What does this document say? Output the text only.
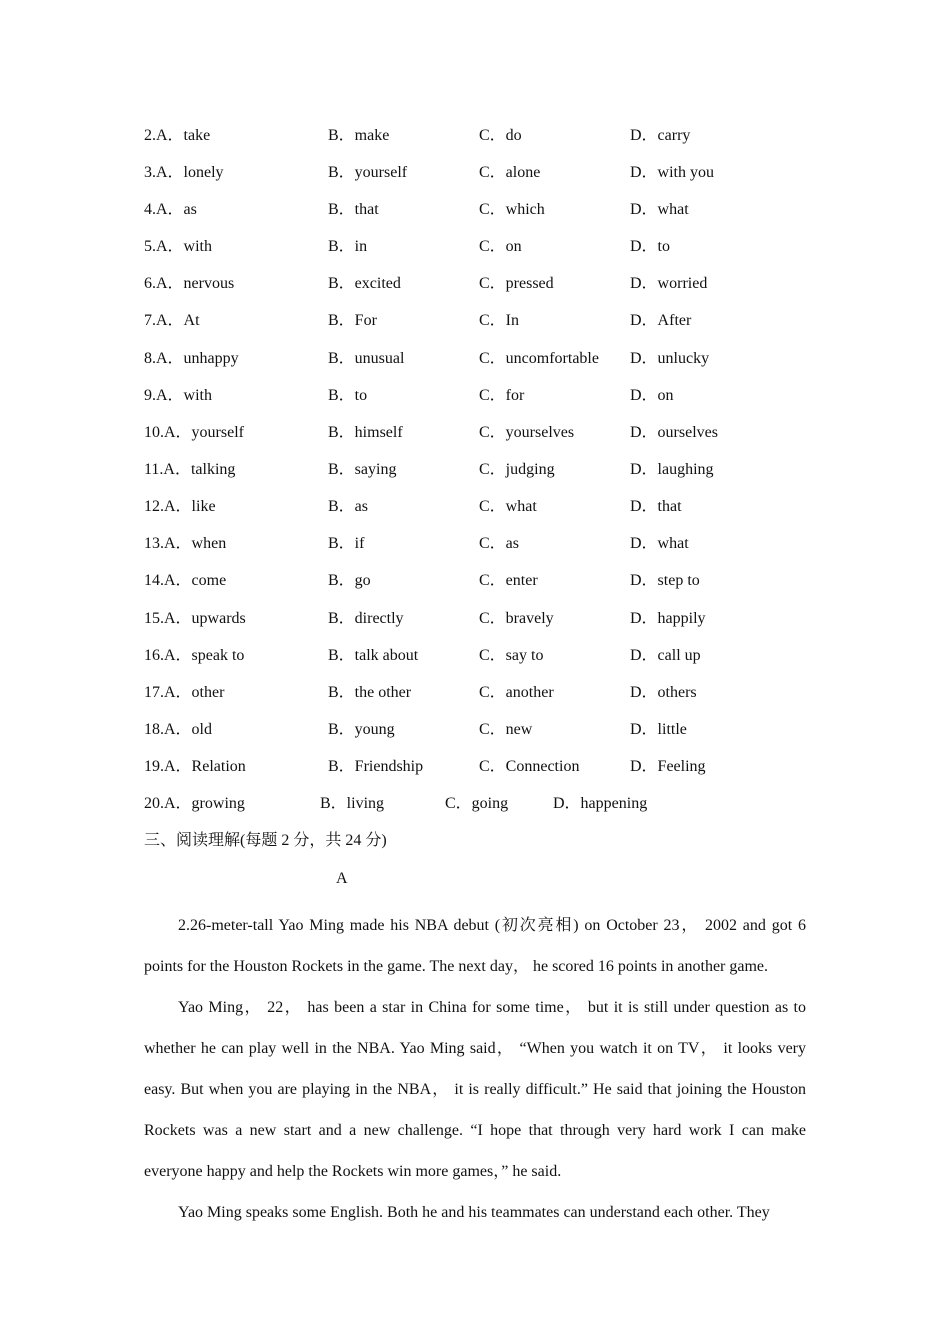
2.A．take	B．make	C．do	D．carry
3.A．lonely	B．yourself	C．alone	D．with you
4.A．as	B．that	C．which	D．what
5.A．with	B．in	C．on	D．to
6.A．nervous	B．excited	C．pressed	D．worried
7.A．At	B．For	C．In	D．After
8.A．unhappy	B．unusual	C．uncomfortable D．unlucky
9.A．with	B．to	C．for	D．on
10.A．yourself	B．himself	C．yourselves	D．ourselves
11.A．talking	B．saying	C．judging	D．laughing
12.A．like	B．as	C．what	D．that
13.A．when	B．if	C．as	D．what
14.A．come	B．go	C．enter	D．step to
15.A．upwards	B．directly	C．bravely	D．happily
16.A．speak to	B．talk about	C．say to	D．call up
17.A．other	B．the other	C．another	D．others
18.A．old	B．young	C．new	D．little
19.A．Relation	B．Friendship	C．Connection	D．Feeling
20.A．growing	B．living	C．going	D．happening
三、阅读理解(每题 2 分，共 24 分)
A

2.26-meter-tall Yao Ming made his NBA debut (初次亮相) on October 23， 2002 and got 6 points for the Houston Rockets in the game. The next day， he scored 16 points in another game.

Yao Ming， 22， has been a star in China for some time， but it is still under question as to whether he can play well in the NBA. Yao Ming said， “When you watch it on TV， it looks very easy. But when you are playing in the NBA， it is really difficult.” He said that joining the Houston Rockets was a new start and a new challenge. “I hope that through very hard work I can make everyone happy and help the Rockets win more games，” he said.

Yao Ming speaks some English. Both he and his teammates can understand each other. They
